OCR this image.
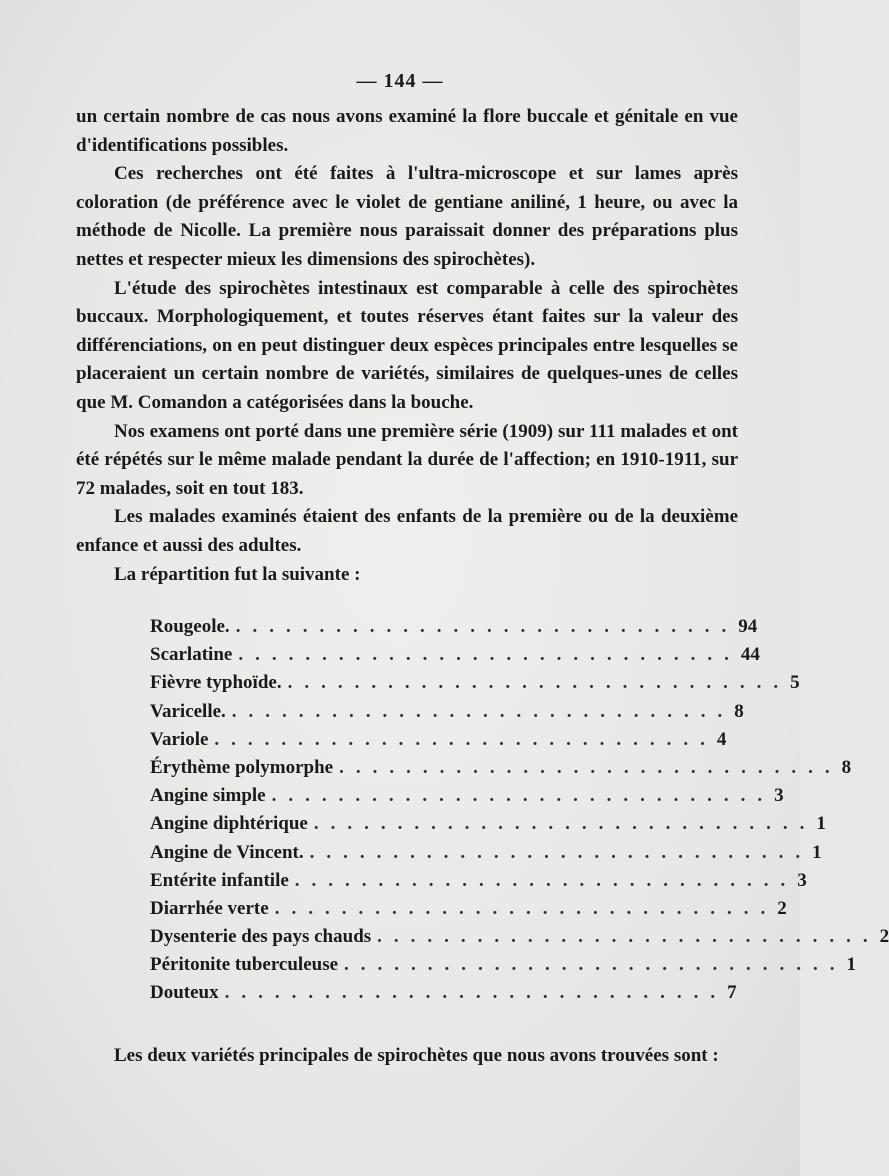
— 144 —

un certain nombre de cas nous avons examiné la flore buccale et génitale en vue d'identifications possibles.

Ces recherches ont été faites à l'ultra-microscope et sur lames après coloration (de préférence avec le violet de gentiane aniliné, 1 heure, ou avec la méthode de Nicolle. La première nous paraissait donner des préparations plus nettes et respecter mieux les dimensions des spirochètes).

L'étude des spirochètes intestinaux est comparable à celle des spirochètes buccaux. Morphologiquement, et toutes réserves étant faites sur la valeur des différenciations, on en peut distinguer deux espèces principales entre lesquelles se placeraient un certain nombre de variétés, similaires de quelques-unes de celles que M. Comandon a catégorisées dans la bouche.

Nos examens ont porté dans une première série (1909) sur 111 malades et ont été répétés sur le même malade pendant la durée de l'affection; en 1910-1911, sur 72 malades, soit en tout 183.

Les malades examinés étaient des enfants de la première ou de la deuxième enfance et aussi des adultes.

La répartition fut la suivante :

Rougeole. .............................. 94
Scarlatine .............................. 44
Fièvre typhoïde. .............................. 5
Varicelle. .............................. 8
Variole .............................. 4
Érythème polymorphe .............................. 8
Angine simple .............................. 3
Angine diphtérique .............................. 1
Angine de Vincent. .............................. 1
Entérite infantile .............................. 3
Diarrhée verte .............................. 2
Dysenterie des pays chauds .............................. 2
Péritonite tuberculeuse .............................. 1
Douteux .............................. 7
Les deux variétés principales de spirochètes que nous avons trouvées sont :
